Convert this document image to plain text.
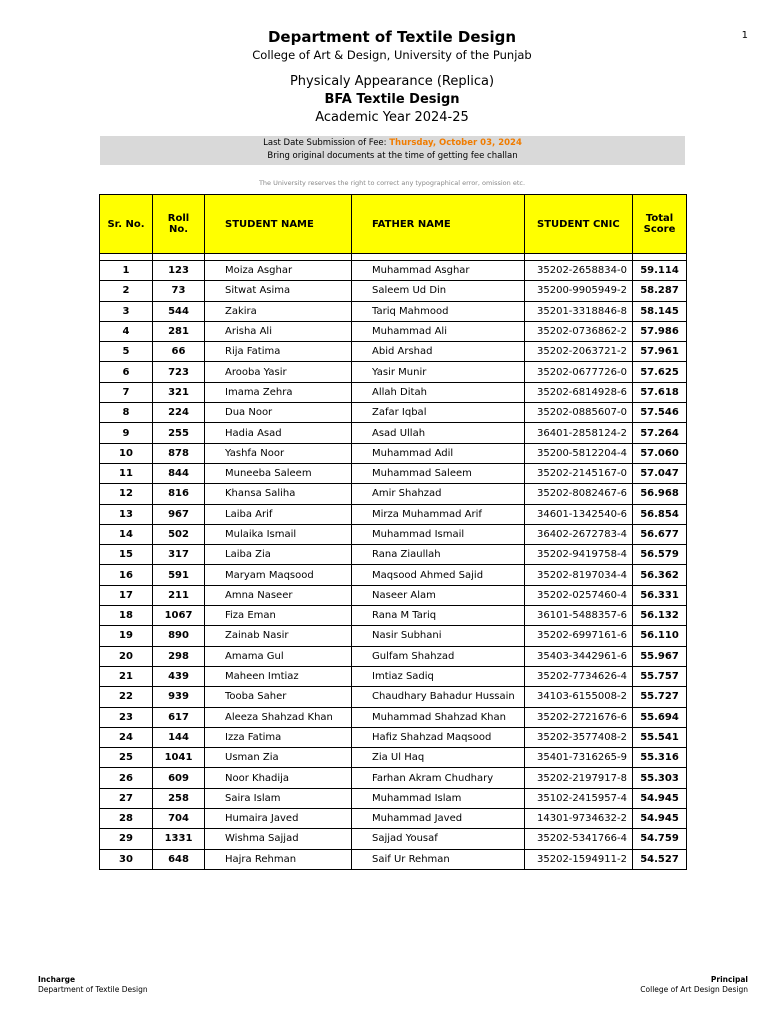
1
Department of Textile Design
College of Art & Design, University of the Punjab
Physicaly Appearance (Replica)
BFA Textile Design
Academic Year 2024-25
Last Date Submission of Fee: Thursday, October 03, 2024
Bring original documents at the time of getting fee challan
The University reserves the right to correct any typographical error, omission etc.
Sr. No.	Roll No.	STUDENT NAME	FATHER NAME	STUDENT CNIC	Total Score

1	123	Moiza Asghar	Muhammad Asghar	35202-2658834-0	59.114
2	73	Sitwat Asima	Saleem Ud Din	35200-9905949-2	58.287
3	544	Zakira	Tariq Mahmood	35201-3318846-8	58.145
4	281	Arisha Ali	Muhammad Ali	35202-0736862-2	57.986
5	66	Rija Fatima	Abid Arshad	35202-2063721-2	57.961
6	723	Arooba Yasir	Yasir Munir	35202-0677726-0	57.625
7	321	Imama Zehra	Allah Ditah	35202-6814928-6	57.618
8	224	Dua Noor	Zafar Iqbal	35202-0885607-0	57.546
9	255	Hadia Asad	Asad Ullah	36401-2858124-2	57.264
10	878	Yashfa Noor	Muhammad Adil	35200-5812204-4	57.060
11	844	Muneeba Saleem	Muhammad Saleem	35202-2145167-0	57.047
12	816	Khansa Saliha	Amir Shahzad	35202-8082467-6	56.968
13	967	Laiba Arif	Mirza Muhammad Arif	34601-1342540-6	56.854
14	502	Mulaika Ismail	Muhammad Ismail	36402-2672783-4	56.677
15	317	Laiba Zia	Rana Ziaullah	35202-9419758-4	56.579
16	591	Maryam Maqsood	Maqsood Ahmed Sajid	35202-8197034-4	56.362
17	211	Amna Naseer	Naseer Alam	35202-0257460-4	56.331
18	1067	Fiza Eman	Rana M Tariq	36101-5488357-6	56.132
19	890	Zainab Nasir	Nasir Subhani	35202-6997161-6	56.110
20	298	Amama Gul	Gulfam Shahzad	35403-3442961-6	55.967
21	439	Maheen Imtiaz	Imtiaz Sadiq	35202-7734626-4	55.757
22	939	Tooba Saher	Chaudhary Bahadur Hussain	34103-6155008-2	55.727
23	617	Aleeza Shahzad Khan	Muhammad Shahzad Khan	35202-2721676-6	55.694
24	144	Izza Fatima	Hafiz Shahzad Maqsood	35202-3577408-2	55.541
25	1041	Usman Zia	Zia Ul Haq	35401-7316265-9	55.316
26	609	Noor Khadija	Farhan Akram Chudhary	35202-2197917-8	55.303
27	258	Saira Islam	Muhammad Islam	35102-2415957-4	54.945
28	704	Humaira Javed	Muhammad Javed	14301-9734632-2	54.945
29	1331	Wishma Sajjad	Sajjad Yousaf	35202-5341766-4	54.759
30	648	Hajra Rehman	Saif Ur Rehman	35202-1594911-2	54.527
Incharge
Department of Textile Design
Principal
College of Art Design Design
